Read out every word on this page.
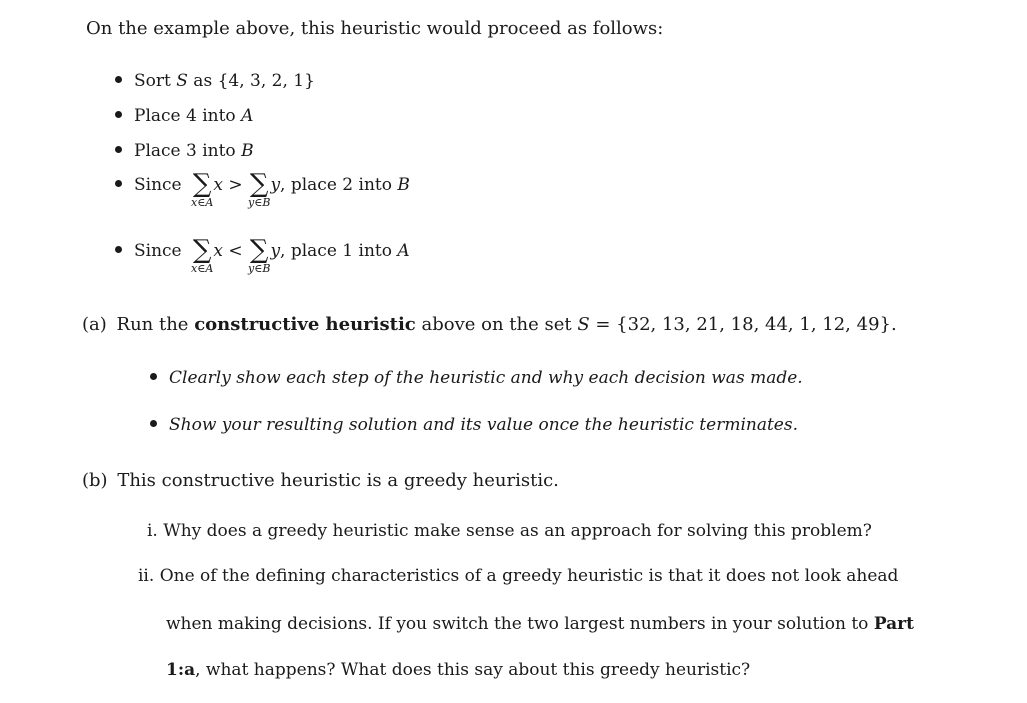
On the example above, this heuristic would proceed as follows:
Sort S as {4, 3, 2, 1}
Place 4 into A
Place 3 into B
Since ∑
x∈A
x > ∑
y∈B
y, place 2 into B
Since ∑
x∈A
x < ∑
y∈B
y, place 1 into A
(a) Run the constructive heuristic above on the set S = {32, 13, 21, 18, 44, 1, 12, 49}.
Clearly show each step of the heuristic and why each decision was made.
Show your resulting solution and its value once the heuristic terminates.
(b) This constructive heuristic is a greedy heuristic.
i. Why does a greedy heuristic make sense as an approach for solving this problem?
ii. One of the defining characteristics of a greedy heuristic is that it does not look ahead
when making decisions. If you switch the two largest numbers in your solution to Part
1:a, what happens? What does this say about this greedy heuristic?
